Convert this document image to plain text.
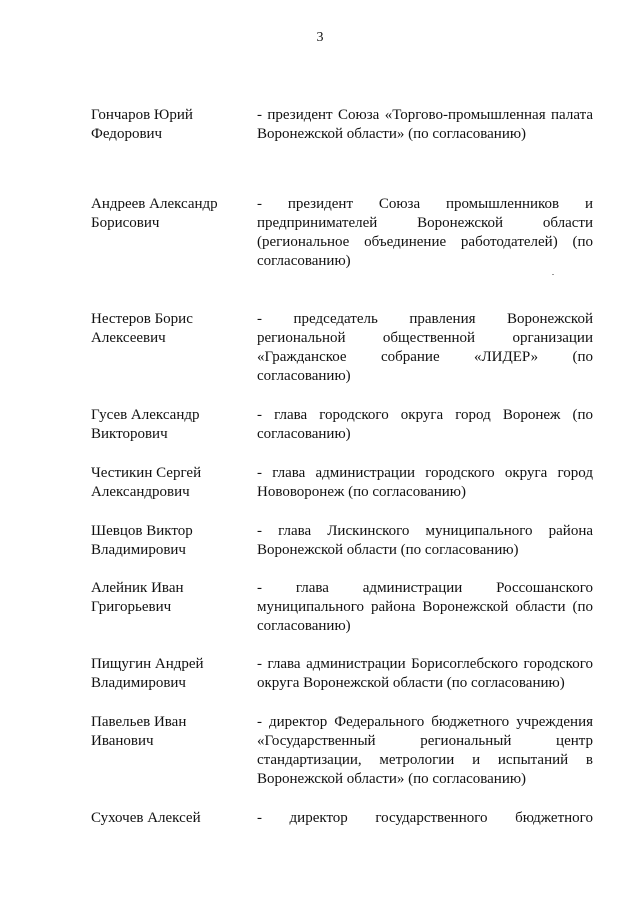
3
Гончаров Юрий
Федорович
- президент Союза «Торгово-промышленная палата Воронежской области» (по согласованию)
Андреев Александр
Борисович
- президент Союза промышленников и предпринимателей Воронежской области (региональное объединение работодателей) (по согласованию)
Нестеров Борис
Алексеевич
- председатель правления Воронежской региональной общественной организации «Гражданское собрание «ЛИДЕР» (по согласованию)
Гусев Александр
Викторович
- глава городского округа город Воронеж (по согласованию)
Честикин Сергей
Александрович
- глава администрации городского округа город Нововоронеж (по согласованию)
Шевцов Виктор
Владимирович
- глава Лискинского муниципального района Воронежской области (по согласованию)
Алейник Иван
Григорьевич
- глава администрации Россошанского муниципального района Воронежской области (по согласованию)
Пищугин Андрей
Владимирович
- глава администрации Борисоглебского городского округа Воронежской области (по согласованию)
Павельев Иван
Иванович
- директор Федерального бюджетного учреждения «Государственный региональный центр стандартизации, метрологии и испытаний в Воронежской области» (по согласованию)
Сухочев Алексей	- директор государственного бюджетного
